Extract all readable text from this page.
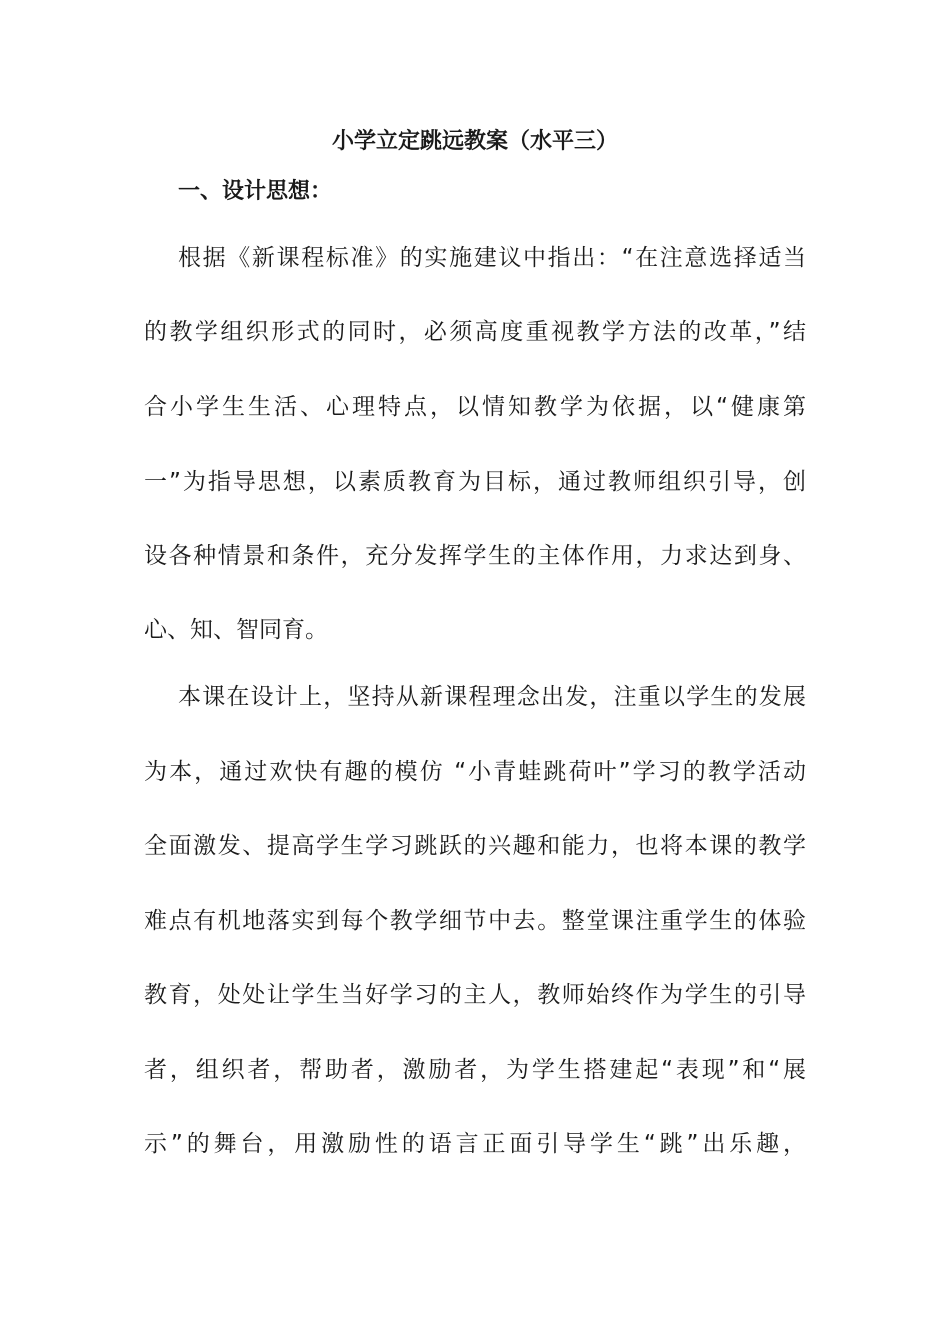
小学立定跳远教案（水平三）
一、设计思想：
根据《新课程标准》的实施建议中指出：“在注意选择适当
的教学组织形式的同时，必须高度重视教学方法的改革，”结
合小学生生活、心理特点，以情知教学为依据，以“健康第
一”为指导思想，以素质教育为目标，通过教师组织引导，创
设各种情景和条件，充分发挥学生的主体作用，力求达到身、
心、知、智同育。
本课在设计上，坚持从新课程理念出发，注重以学生的发展
为本，通过欢快有趣的模仿 “小青蛙跳荷叶”学习的教学活动
全面激发、提高学生学习跳跃的兴趣和能力，也将本课的教学
难点有机地落实到每个教学细节中去。整堂课注重学生的体验
教育，处处让学生当好学习的主人，教师始终作为学生的引导
者，组织者，帮助者，激励者，为学生搭建起“表现”和“展
示”的舞台，用激励性的语言正面引导学生“跳”出乐趣，
